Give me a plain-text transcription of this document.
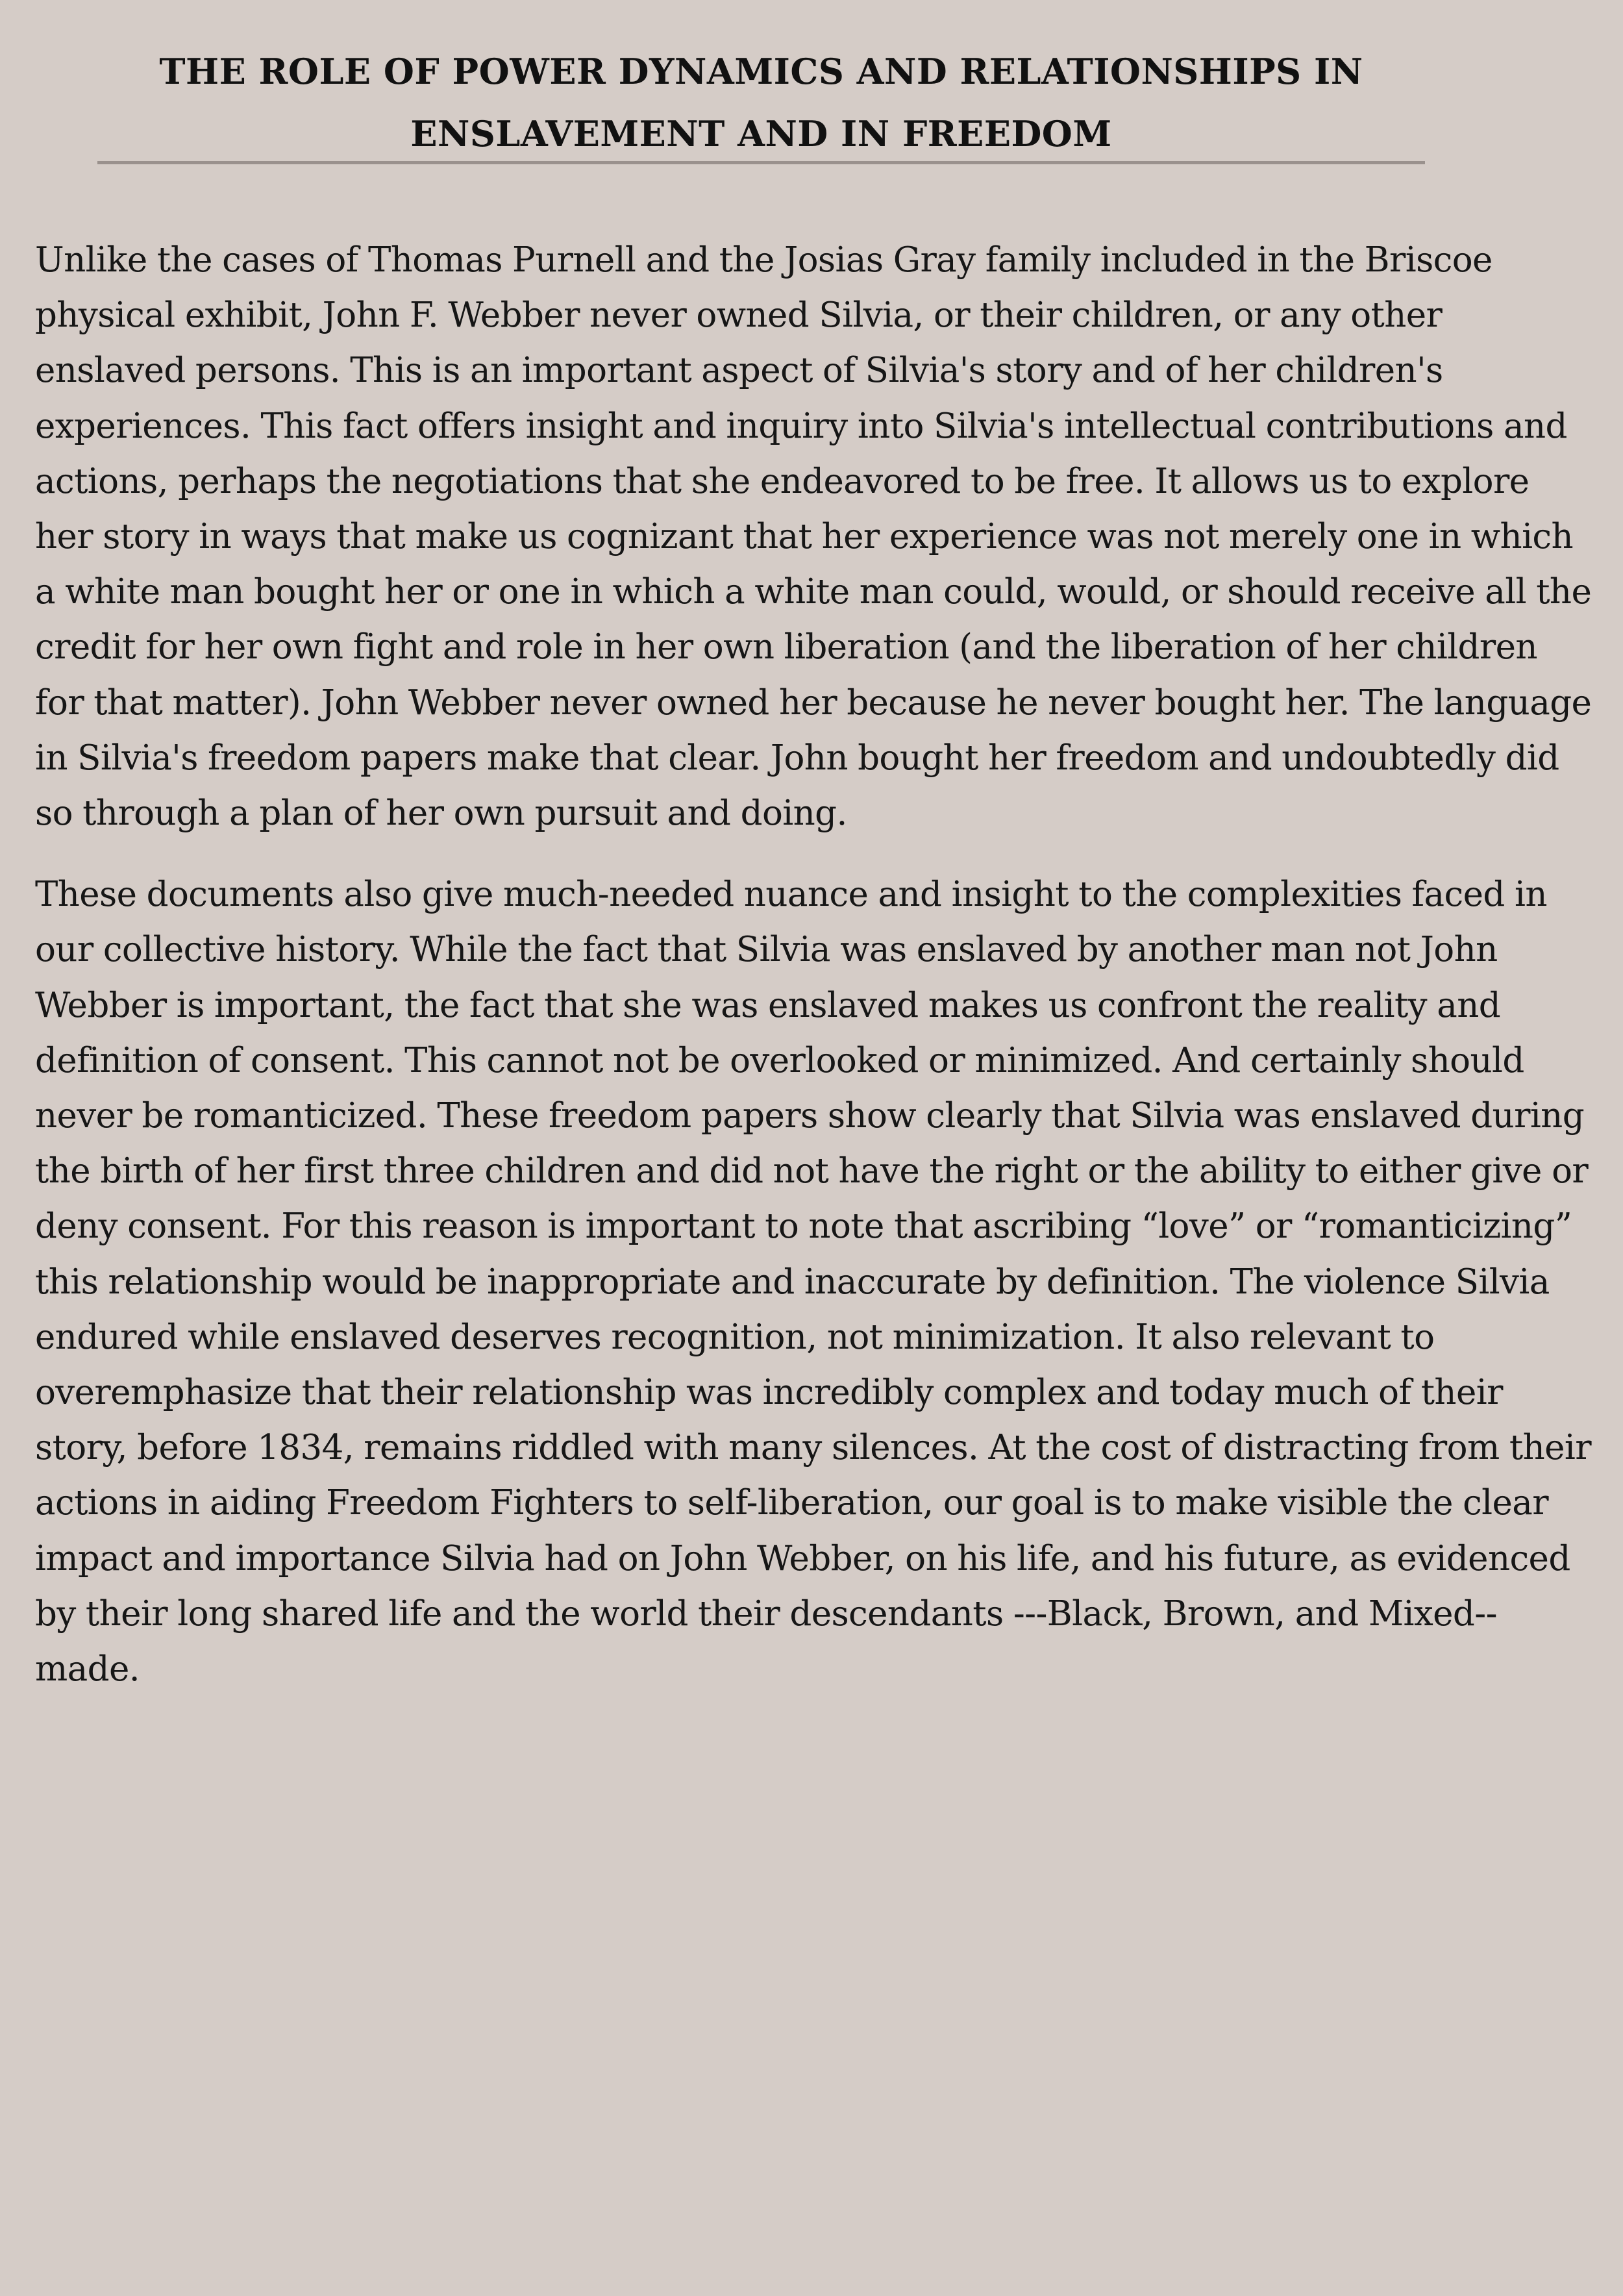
THE ROLE OF POWER DYNAMICS AND RELATIONSHIPS IN ENSLAVEMENT AND IN FREEDOM

Unlike the cases of Thomas Purnell and the Josias Gray family included in the Briscoe physical exhibit, John F. Webber never owned Silvia, or their children, or any other enslaved persons. This is an important aspect of Silvia's story and of her children's experiences. This fact offers insight and inquiry into Silvia's intellectual contributions and actions, perhaps the negotiations that she endeavored to be free. It allows us to explore her story in ways that make us cognizant that her experience was not merely one in which a white man bought her or one in which a white man could, would, or should receive all the credit for her own fight and role in her own liberation (and the liberation of her children for that matter). John Webber never owned her because he never bought her. The language in Silvia's freedom papers make that clear. John bought her freedom and undoubtedly did so through a plan of her own pursuit and doing.

These documents also give much-needed nuance and insight to the complexities faced in our collective history. While the fact that Silvia was enslaved by another man not John Webber is important, the fact that she was enslaved makes us confront the reality and definition of consent. This cannot not be overlooked or minimized. And certainly should never be romanticized. These freedom papers show clearly that Silvia was enslaved during the birth of her first three children and did not have the right or the ability to either give or deny consent. For this reason is important to note that ascribing “love” or “romanticizing” this relationship would be inappropriate and inaccurate by definition. The violence Silvia endured while enslaved deserves recognition, not minimization. It also relevant to overemphasize that their relationship was incredibly complex and today much of their story, before 1834, remains riddled with many silences. At the cost of distracting from their actions in aiding Freedom Fighters to self-liberation, our goal is to make visible the clear impact and importance Silvia had on John Webber, on his life, and his future, as evidenced by their long shared life and the world their descendants ---Black, Brown, and Mixed-- made.
